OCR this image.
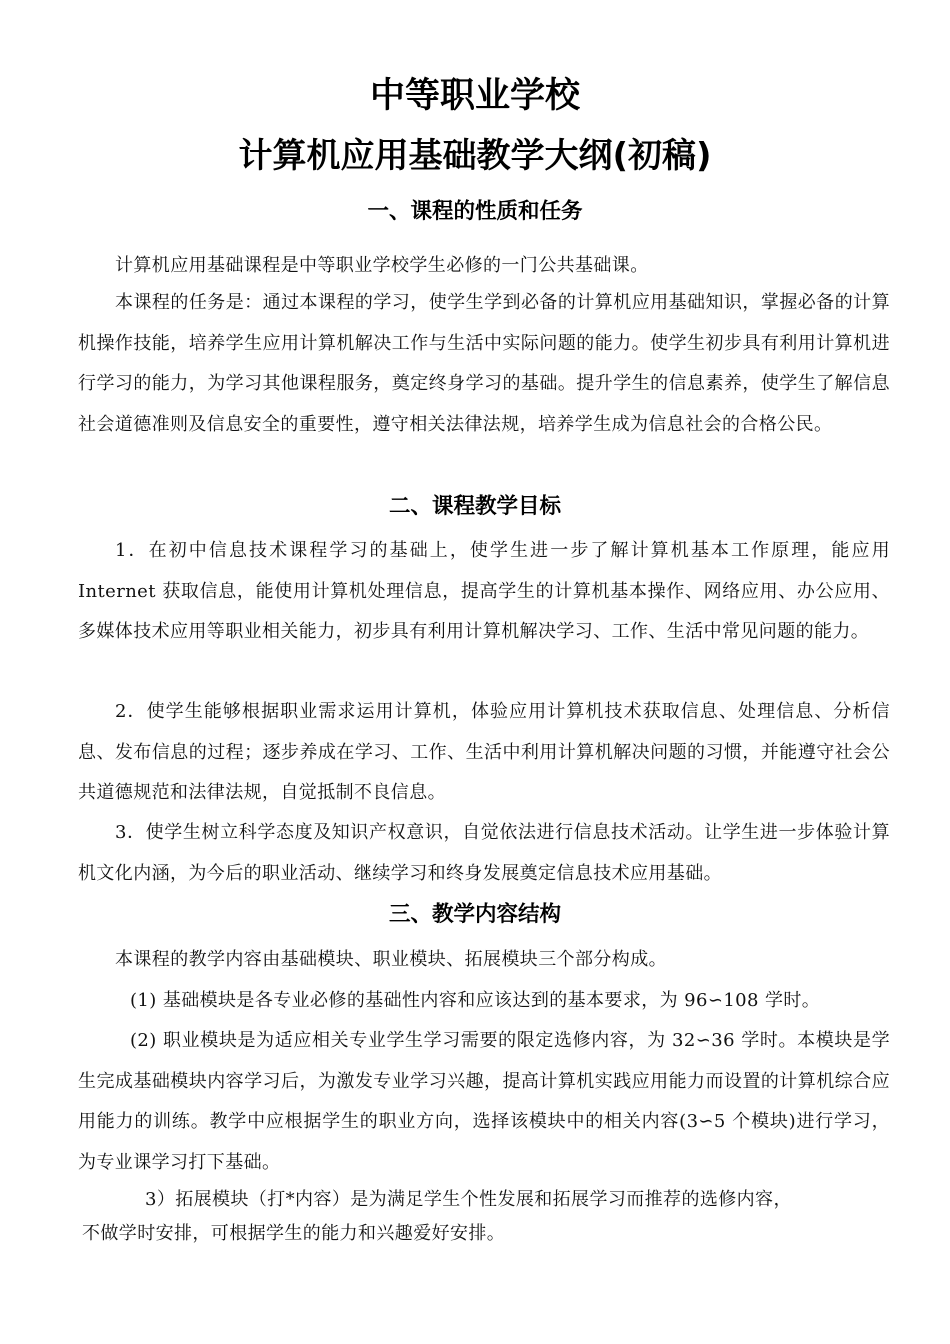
中等职业学校
计算机应用基础教学大纲(初稿)
一、课程的性质和任务

计算机应用基础课程是中等职业学校学生必修的一门公共基础课。

本课程的任务是：通过本课程的学习，使学生学到必备的计算机应用基础知识，掌握必备的计算机操作技能，培养学生应用计算机解决工作与生活中实际问题的能力。使学生初步具有利用计算机进行学习的能力，为学习其他课程服务，奠定终身学习的基础。提升学生的信息素养，使学生了解信息社会道德准则及信息安全的重要性，遵守相关法律法规，培养学生成为信息社会的合格公民。

二、课程教学目标

1．在初中信息技术课程学习的基础上，使学生进一步了解计算机基本工作原理，能应用 Internet 获取信息，能使用计算机处理信息，提高学生的计算机基本操作、网络应用、办公应用、多媒体技术应用等职业相关能力，初步具有利用计算机解决学习、工作、生活中常见问题的能力。

2．使学生能够根据职业需求运用计算机，体验应用计算机技术获取信息、处理信息、分析信息、发布信息的过程；逐步养成在学习、工作、生活中利用计算机解决问题的习惯，并能遵守社会公共道德规范和法律法规，自觉抵制不良信息。

3．使学生树立科学态度及知识产权意识，自觉依法进行信息技术活动。让学生进一步体验计算机文化内涵，为今后的职业活动、继续学习和终身发展奠定信息技术应用基础。

三、教学内容结构

本课程的教学内容由基础模块、职业模块、拓展模块三个部分构成。

(1) 基础模块是各专业必修的基础性内容和应该达到的基本要求，为 96∽108 学时。

(2) 职业模块是为适应相关专业学生学习需要的限定选修内容，为 32∽36 学时。本模块是学生完成基础模块内容学习后，为激发专业学习兴趣，提高计算机实践应用能力而设置的计算机综合应用能力的训练。教学中应根据学生的职业方向，选择该模块中的相关内容(3∽5 个模块)进行学习，为专业课学习打下基础。

3）拓展模块（打*内容）是为满足学生个性发展和拓展学习而推荐的选修内容，

不做学时安排，可根据学生的能力和兴趣爱好安排。
